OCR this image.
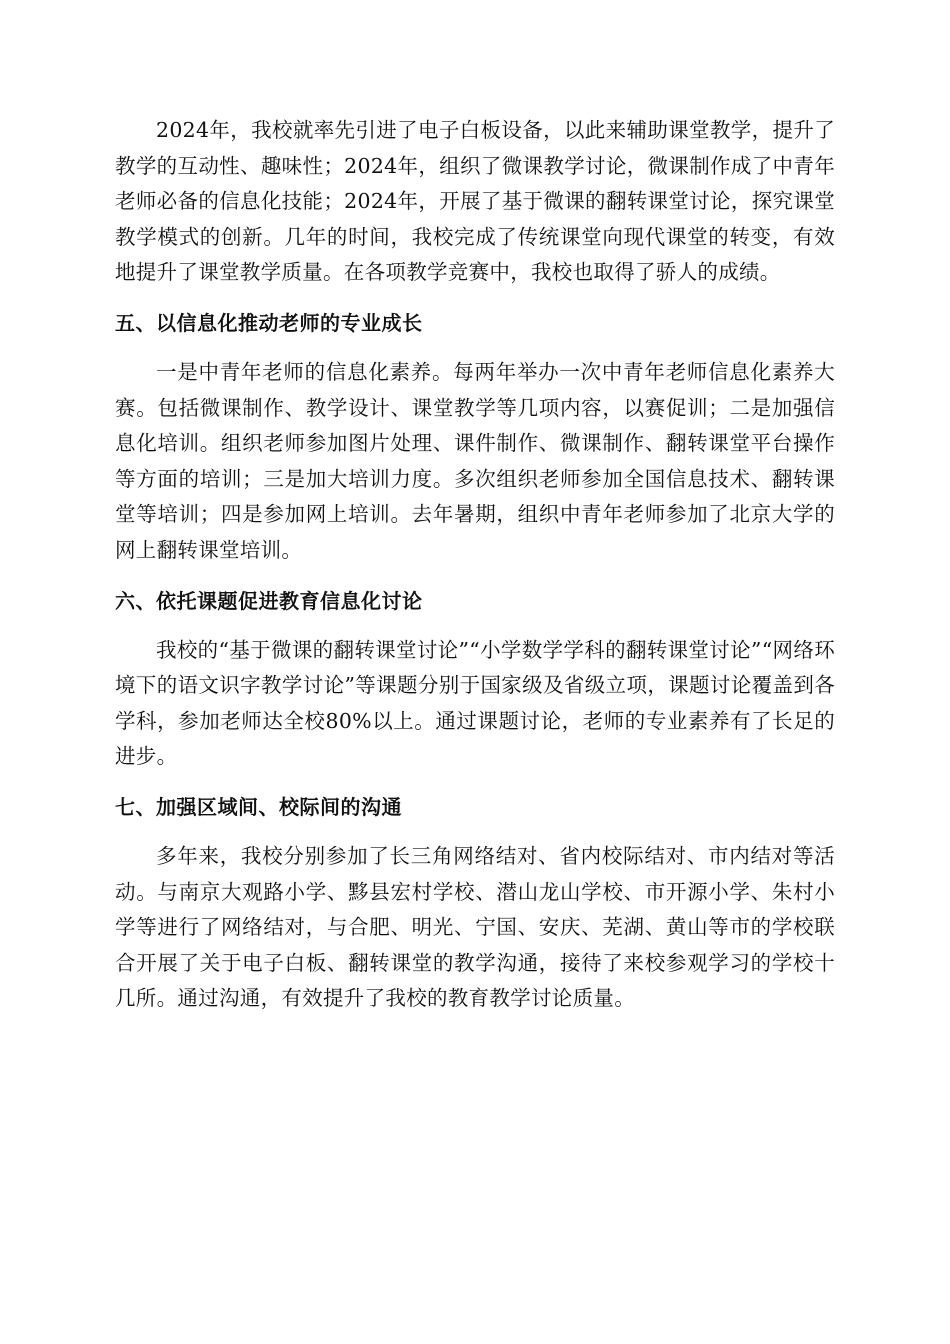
2024年，我校就率先引进了电子白板设备，以此来辅助课堂教学，提升了教学的互动性、趣味性；2024年，组织了微课教学讨论，微课制作成了中青年老师必备的信息化技能；2024年，开展了基于微课的翻转课堂讨论，探究课堂教学模式的创新。几年的时间，我校完成了传统课堂向现代课堂的转变，有效地提升了课堂教学质量。在各项教学竞赛中，我校也取得了骄人的成绩。

五、以信息化推动老师的专业成长

一是中青年老师的信息化素养。每两年举办一次中青年老师信息化素养大赛。包括微课制作、教学设计、课堂教学等几项内容，以赛促训；二是加强信息化培训。组织老师参加图片处理、课件制作、微课制作、翻转课堂平台操作等方面的培训；三是加大培训力度。多次组织老师参加全国信息技术、翻转课堂等培训；四是参加网上培训。去年暑期，组织中青年老师参加了北京大学的网上翻转课堂培训。

六、依托课题促进教育信息化讨论

我校的“基于微课的翻转课堂讨论”“小学数学学科的翻转课堂讨论”“网络环境下的语文识字教学讨论”等课题分别于国家级及省级立项，课题讨论覆盖到各学科，参加老师达全校80%以上。通过课题讨论，老师的专业素养有了长足的进步。

七、加强区域间、校际间的沟通

多年来，我校分别参加了长三角网络结对、省内校际结对、市内结对等活动。与南京大观路小学、黟县宏村学校、潜山龙山学校、市开源小学、朱村小学等进行了网络结对，与合肥、明光、宁国、安庆、芜湖、黄山等市的学校联合开展了关于电子白板、翻转课堂的教学沟通，接待了来校参观学习的学校十几所。通过沟通，有效提升了我校的教育教学讨论质量。
